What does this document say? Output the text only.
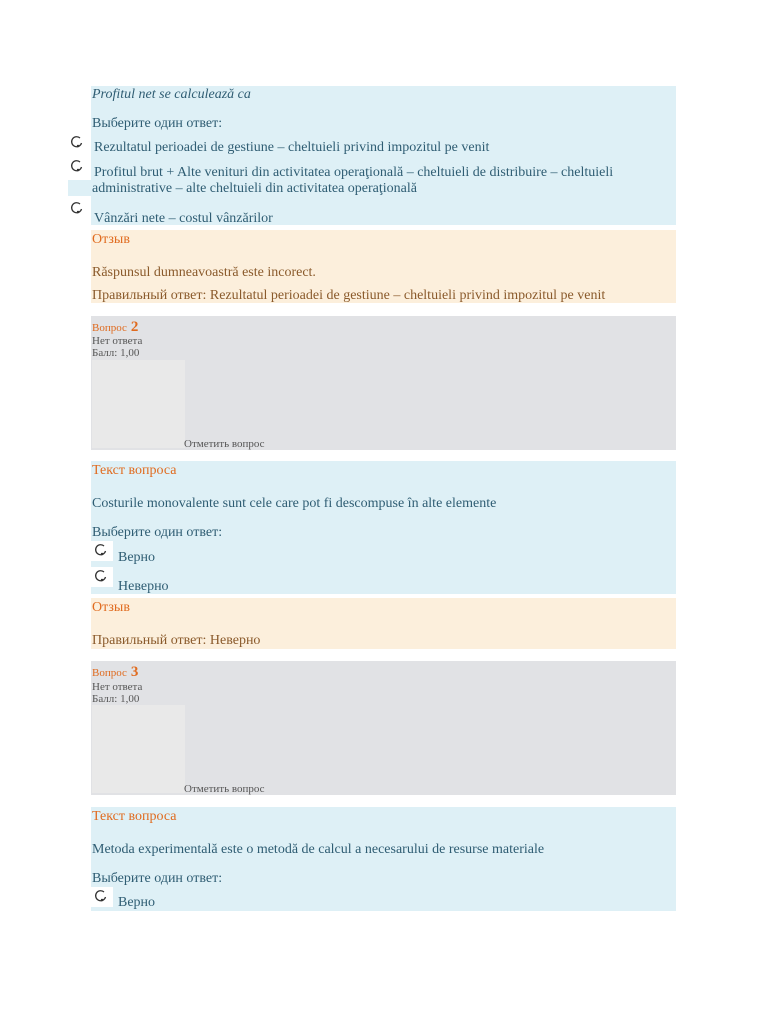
Profitul net se calculează ca
Выберите один ответ:
Rezultatul perioadei de gestiune – cheltuieli privind impozitul pe venit
Profitul brut + Alte venituri din activitatea operaţională – cheltuieli de distribuire – cheltuieli
administrative – alte cheltuieli din activitatea operaţională
Vânzări nete – costul vânzărilor
Отзыв
Răspunsul dumneavoastră este incorect.
Правильный ответ: Rezultatul perioadei de gestiune – cheltuieli privind impozitul pe venit
Вопрос 2
Нет ответа
Балл: 1,00
Отметить вопрос
Текст вопроса
Costurile monovalente sunt cele care pot fi descompuse în alte elemente
Выберите один ответ:
Верно
Неверно
Отзыв
Правильный ответ: Неверно
Вопрос 3
Нет ответа
Балл: 1,00
Отметить вопрос
Текст вопроса
Metoda experimentală este o metodă de calcul a necesarului de resurse materiale
Выберите один ответ:
Верно
